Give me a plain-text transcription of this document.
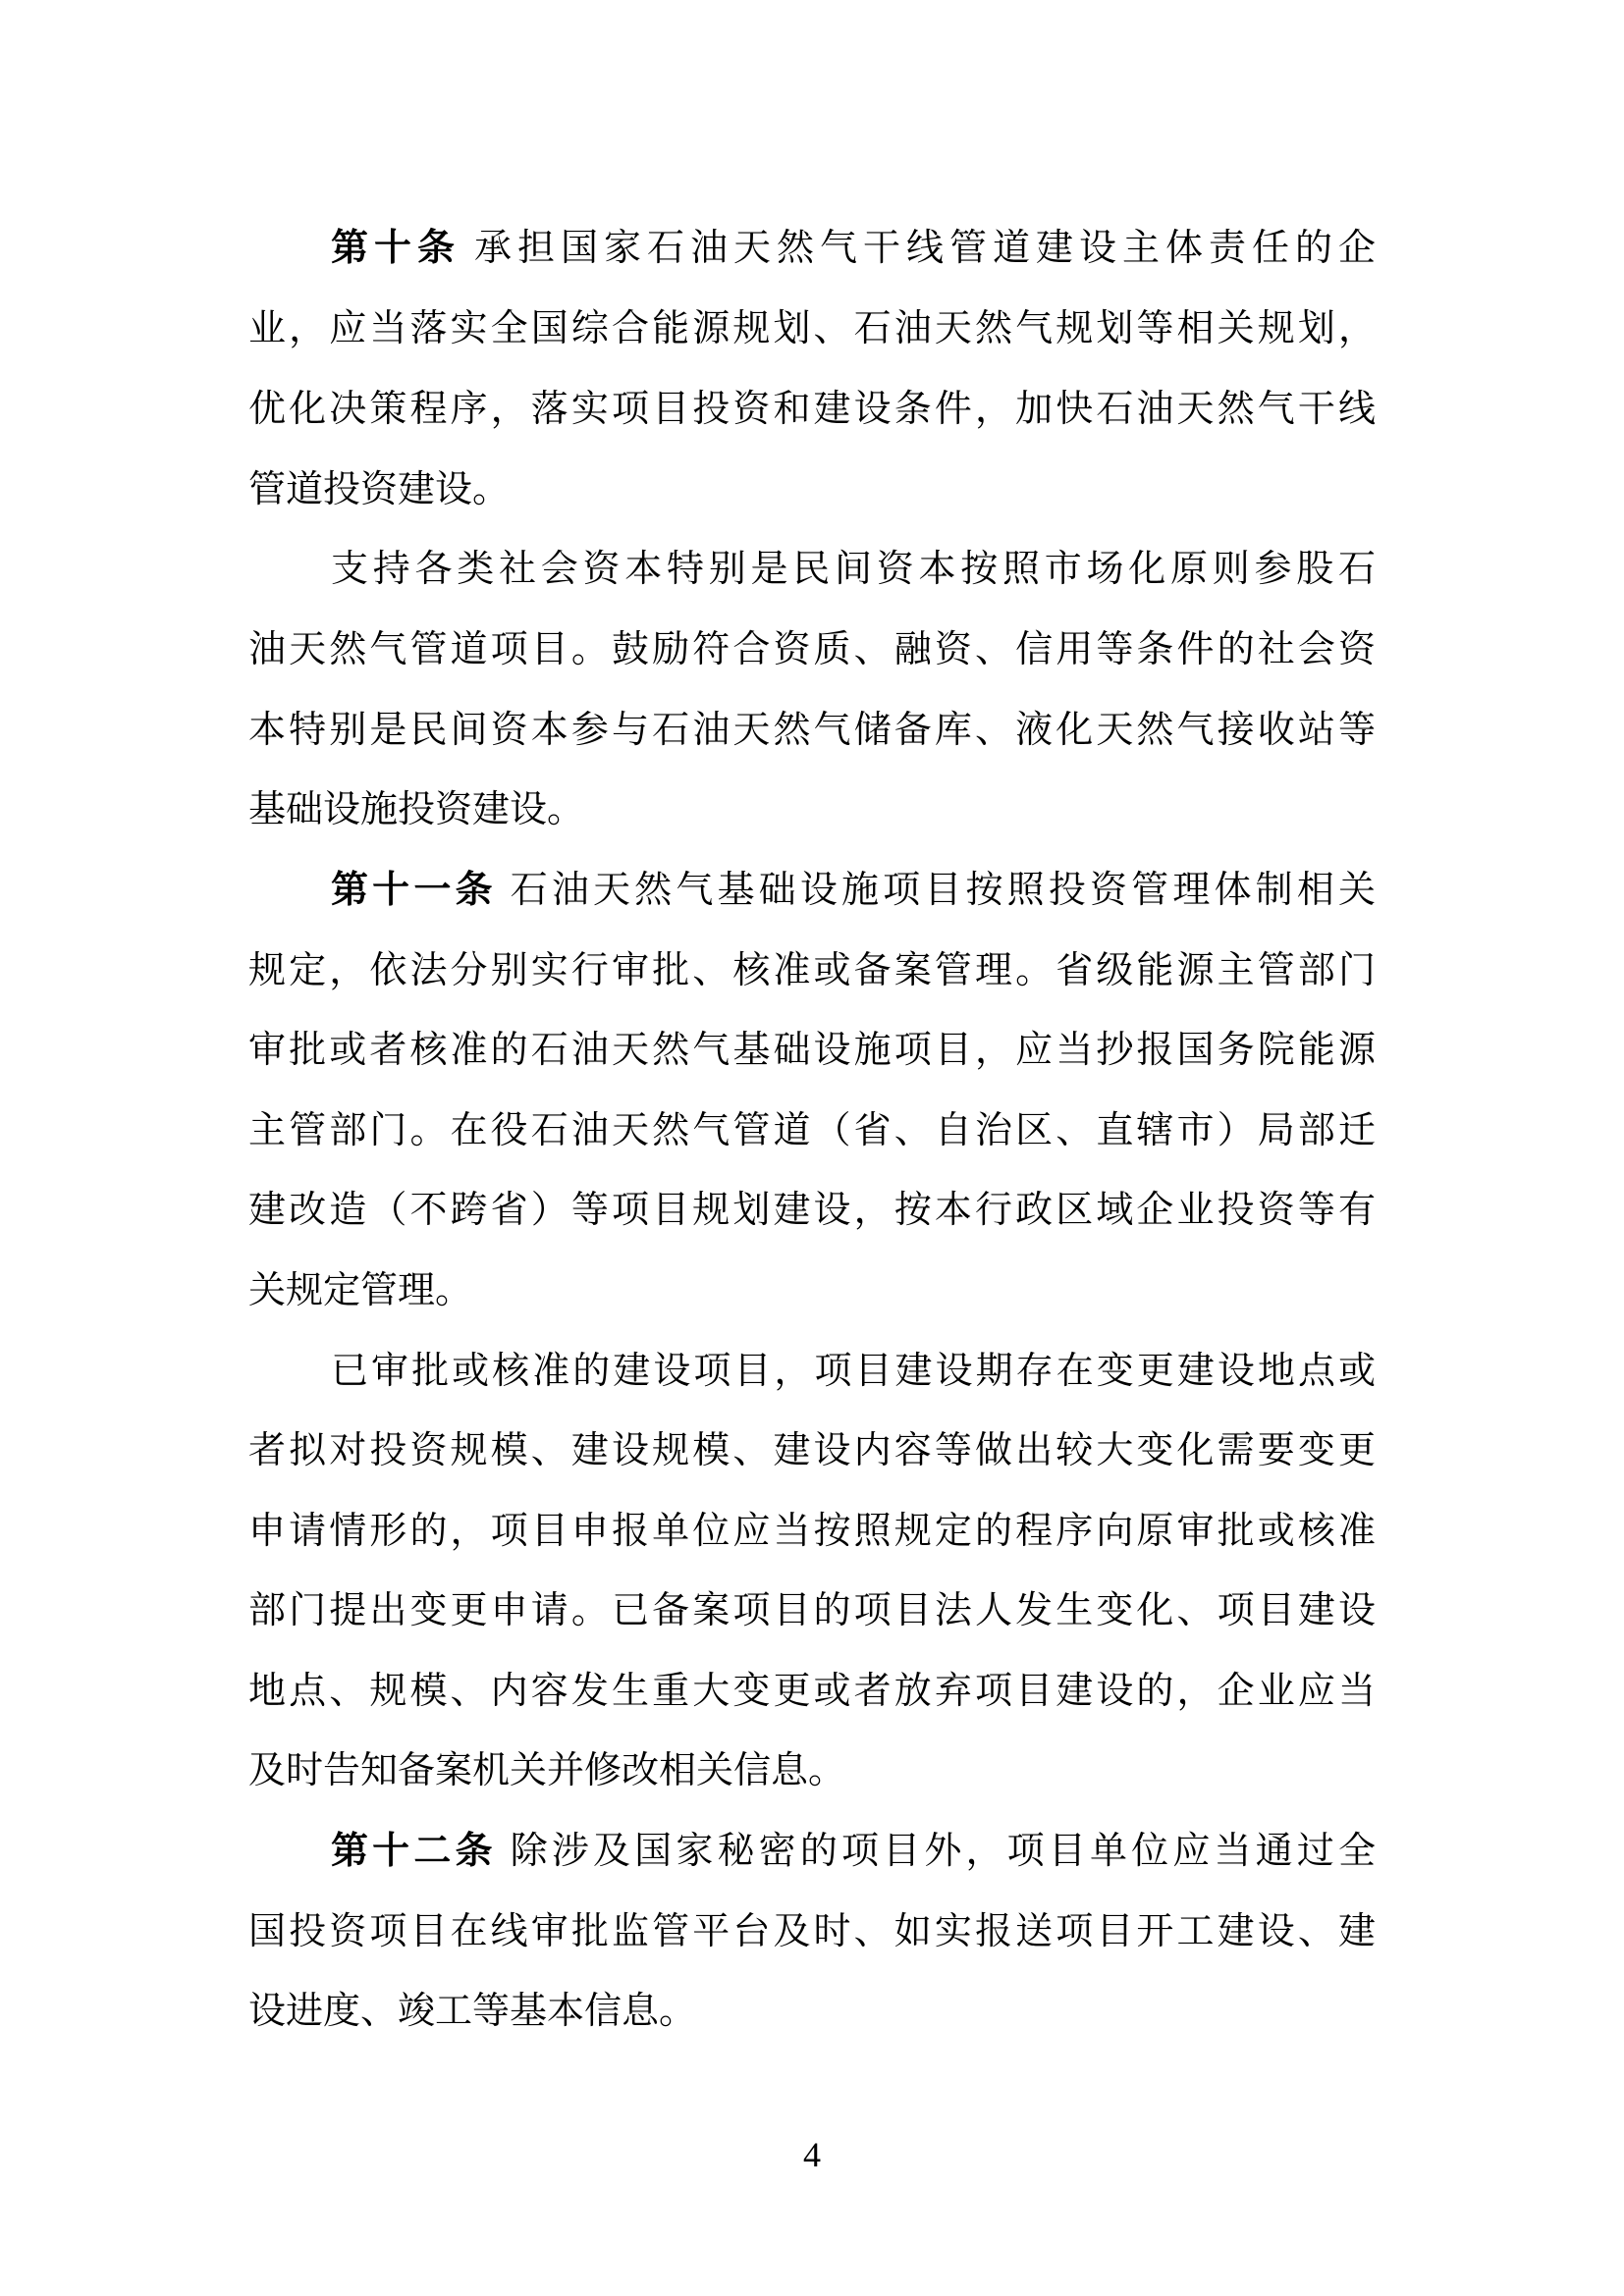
第十条 承担国家石油天然气干线管道建设主体责任的企
业，应当落实全国综合能源规划、石油天然气规划等相关规划，
优化决策程序，落实项目投资和建设条件，加快石油天然气干线
管道投资建设。
支持各类社会资本特别是民间资本按照市场化原则参股石
油天然气管道项目。鼓励符合资质、融资、信用等条件的社会资
本特别是民间资本参与石油天然气储备库、液化天然气接收站等
基础设施投资建设。
第十一条 石油天然气基础设施项目按照投资管理体制相关
规定，依法分别实行审批、核准或备案管理。省级能源主管部门
审批或者核准的石油天然气基础设施项目，应当抄报国务院能源
主管部门。在役石油天然气管道（省、自治区、直辖市）局部迁
建改造（不跨省）等项目规划建设，按本行政区域企业投资等有
关规定管理。
已审批或核准的建设项目，项目建设期存在变更建设地点或
者拟对投资规模、建设规模、建设内容等做出较大变化需要变更
申请情形的，项目申报单位应当按照规定的程序向原审批或核准
部门提出变更申请。已备案项目的项目法人发生变化、项目建设
地点、规模、内容发生重大变更或者放弃项目建设的，企业应当
及时告知备案机关并修改相关信息。
第十二条 除涉及国家秘密的项目外，项目单位应当通过全
国投资项目在线审批监管平台及时、如实报送项目开工建设、建
设进度、竣工等基本信息。
4
